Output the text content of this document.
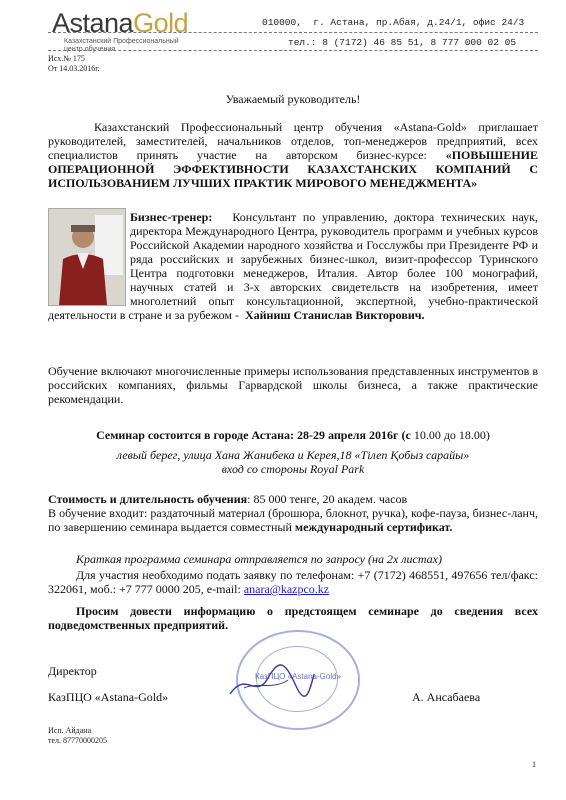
AstanaGold
Казахстанский Профессиональный центр обучения
010000,  г. Астана, пр.Абая, д.24/1, офис 24/3
тел.: 8 (7172) 46 85 51, 8 777 000 02 05
Исх.№ 175
От 14.03.2016г.
Уважаемый руководитель!
Казахстанский Профессиональный центр обучения «Astana-Gold» приглашает руководителей, заместителей, начальников отделов, топ-менеджеров предприятий, всех специалистов принять участие на авторском бизнес-курсе: «ПОВЫШЕНИЕ ОПЕРАЦИОННОЙ ЭФФЕКТИВНОСТИ КАЗАХСТАНСКИХ КОМПАНИЙ С ИСПОЛЬЗОВАНИЕМ ЛУЧШИХ ПРАКТИК МИРОВОГО МЕНЕДЖМЕНТА»
Бизнес-тренер: Консультант по управлению, доктора технических наук, директора Международного Центра, руководитель программ и учебных курсов Российской Академии народного хозяйства и Госслужбы при Президенте РФ и ряда российских и зарубежных бизнес-школ, визит-профессор Туринского Центра подготовки менеджеров, Италия. Автор более 100 монографий, научных статей и 3-х авторских свидетельств на изобретения, имеет многолетний опыт консультационной, экспертной, учебно-практической деятельности в стране и за рубежом -  Хайниш Станислав Викторович.
Обучение включают многочисленные примеры использования представленных инструментов в российских компаниях, фильмы Гарвардской школы бизнеса, а также практические рекомендации.
Семинар состоится в городе Астана: 28-29 апреля 2016г (с 10.00 до 18.00)
левый берег, улица Хана Жанибека и Керея,18 «Тілеп Қобыз сарайы»
вход со стороны Royal Park
Стоимость и длительность обучения: 85 000 тенге, 20 академ. часов
В обучение входит: раздаточный материал (брошюра, блокнот, ручка), кофе-пауза, бизнес-ланч, по завершению семинара выдается совместный международный сертификат.
Краткая программа семинара отправляется по запросу (на 2х листах)
Для участия необходимо подать заявку по телефонам: +7 (7172) 468551, 497656 тел/факс: 322061, моб.: +7 777 0000 205, e-mail: anara@kazpco.kz
Просим довести информацию о предстоящем семинаре до сведения всех подведомственных предприятий.
КазПЦО «Astana-Gold»
Директор
КазПЦО «Astana-Gold»	А. Ансабаева
Исп. Айдана
тел. 87770000205
1
